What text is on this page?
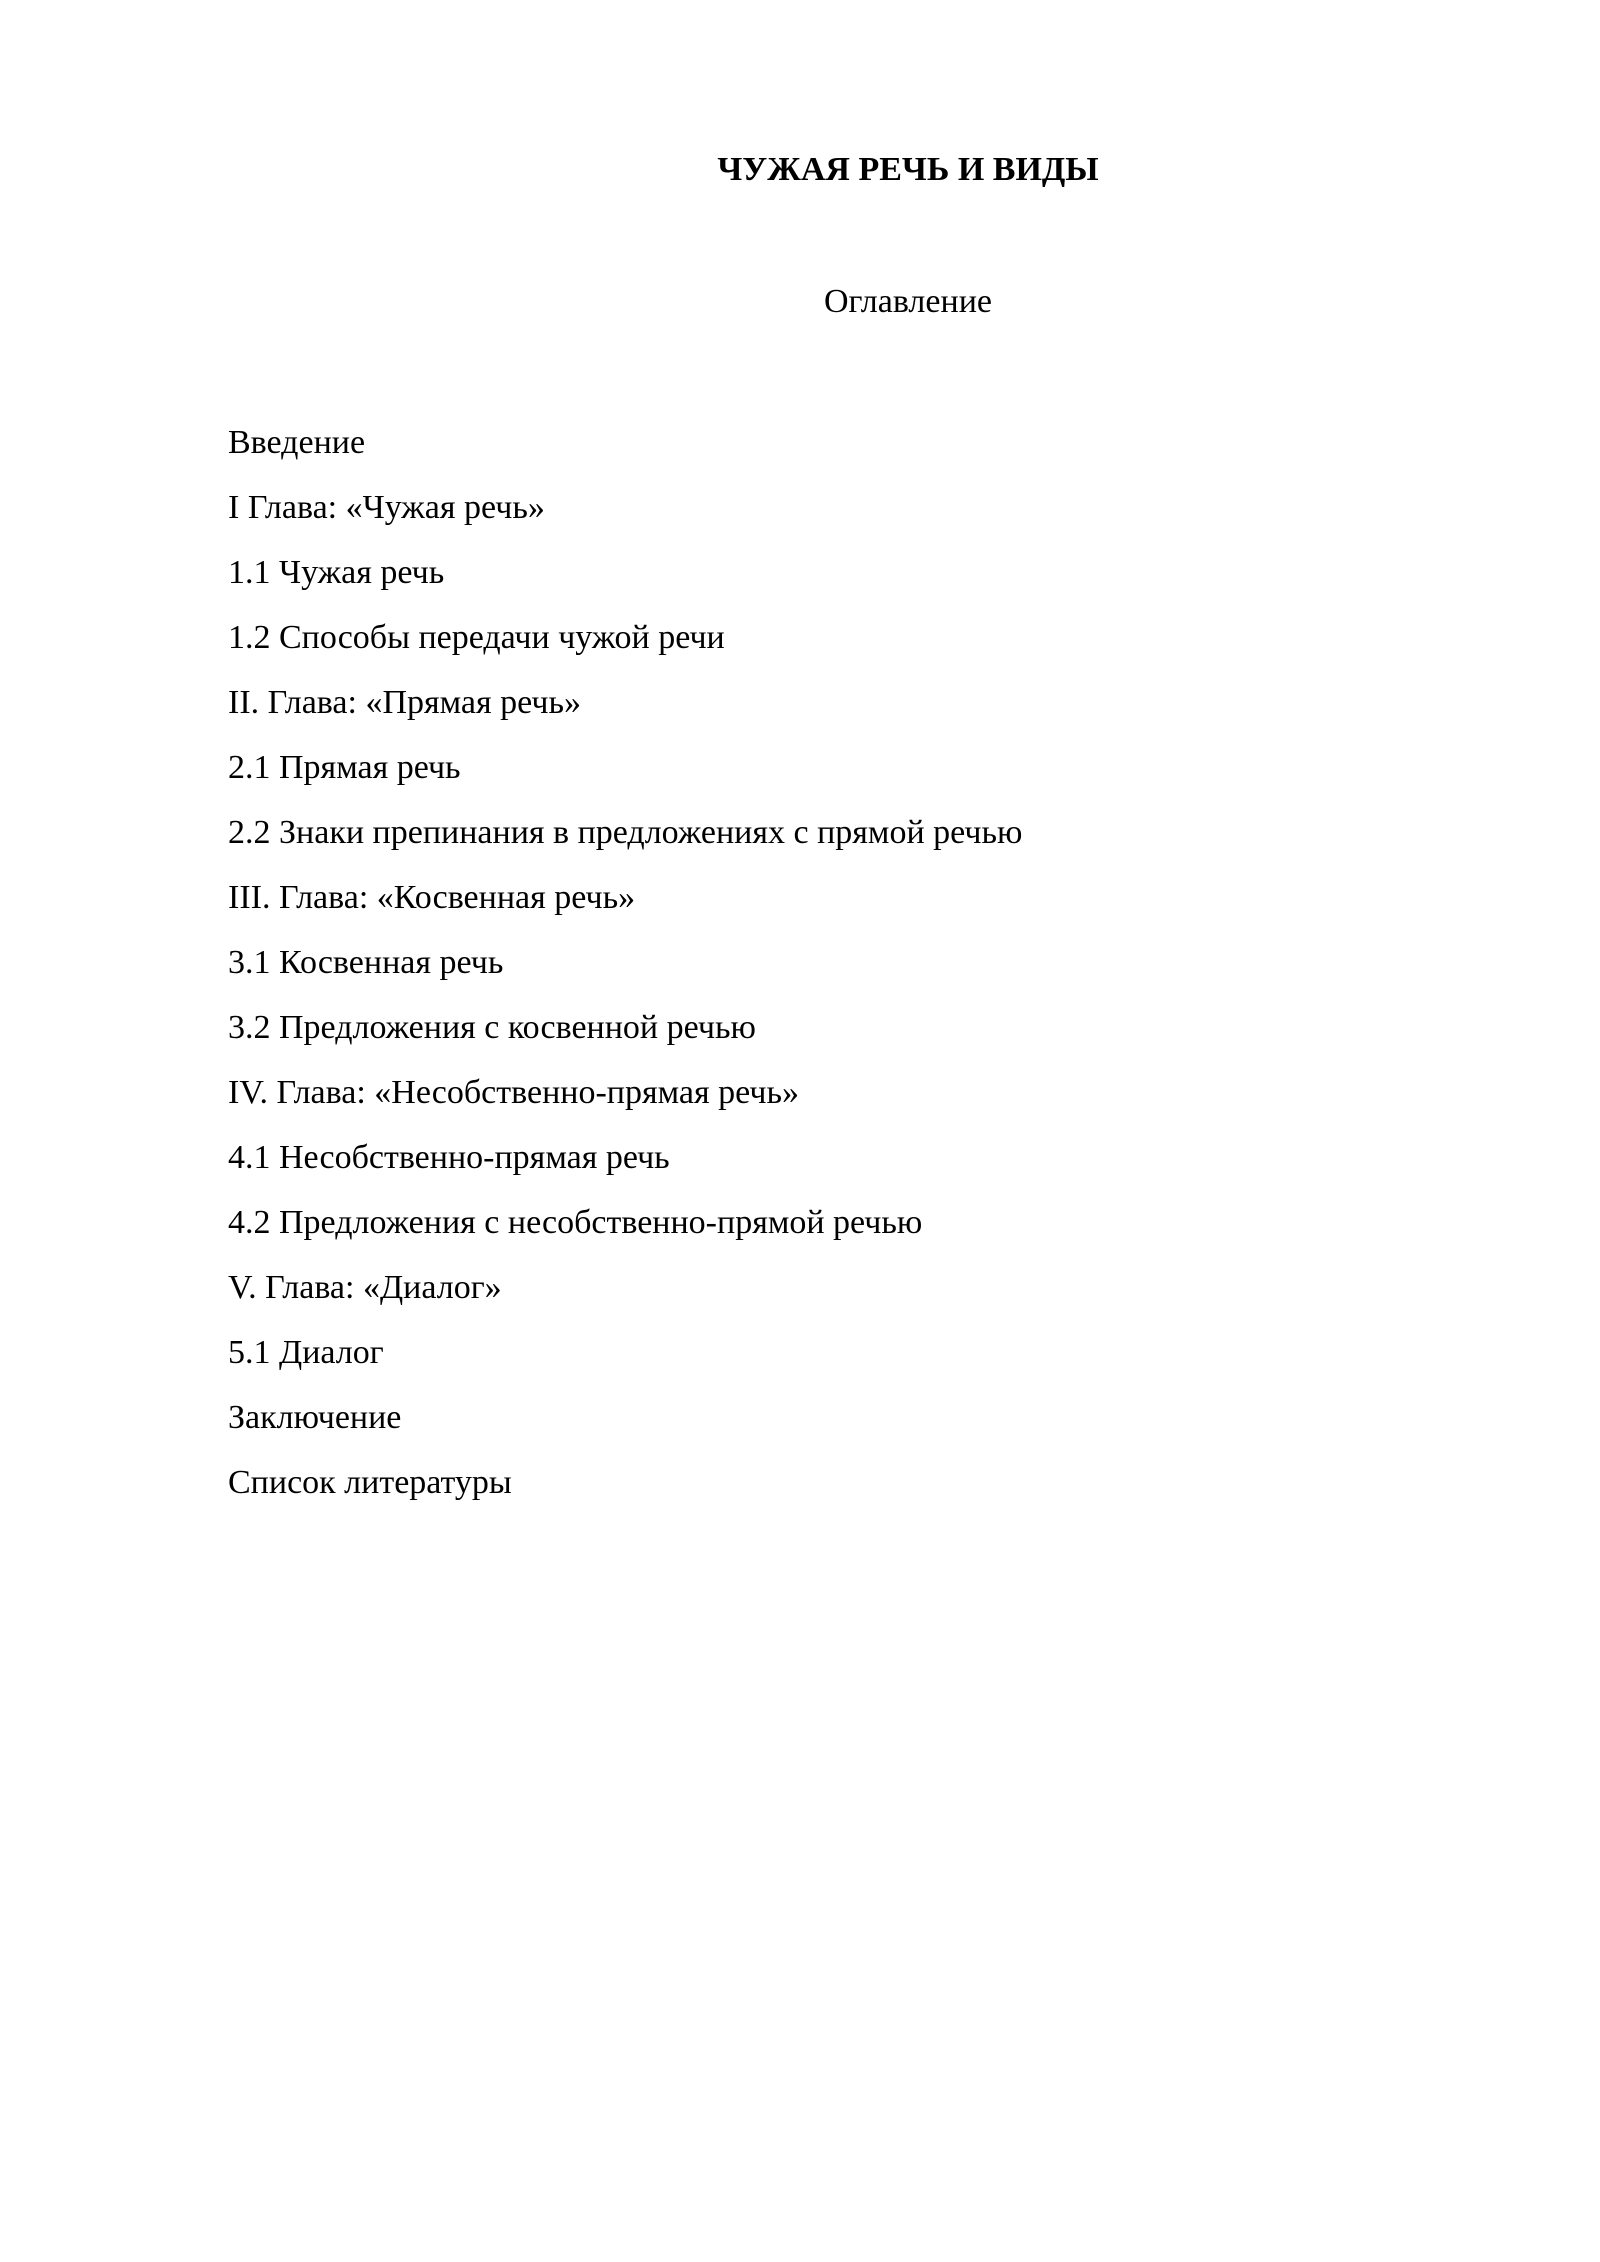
ЧУЖАЯ РЕЧЬ И ВИДЫ
Оглавление
Введение
I Глава: «Чужая речь»
1.1 Чужая речь
1.2 Способы передачи чужой речи
II. Глава: «Прямая речь»
2.1 Прямая речь
2.2 Знаки препинания в предложениях с прямой речью
III. Глава: «Косвенная речь»
3.1 Косвенная речь
3.2 Предложения с косвенной речью
IV. Глава: «Несобственно-прямая речь»
4.1 Несобственно-прямая речь
4.2 Предложения с несобственно-прямой речью
V. Глава: «Диалог»
5.1 Диалог
Заключение
Список литературы
